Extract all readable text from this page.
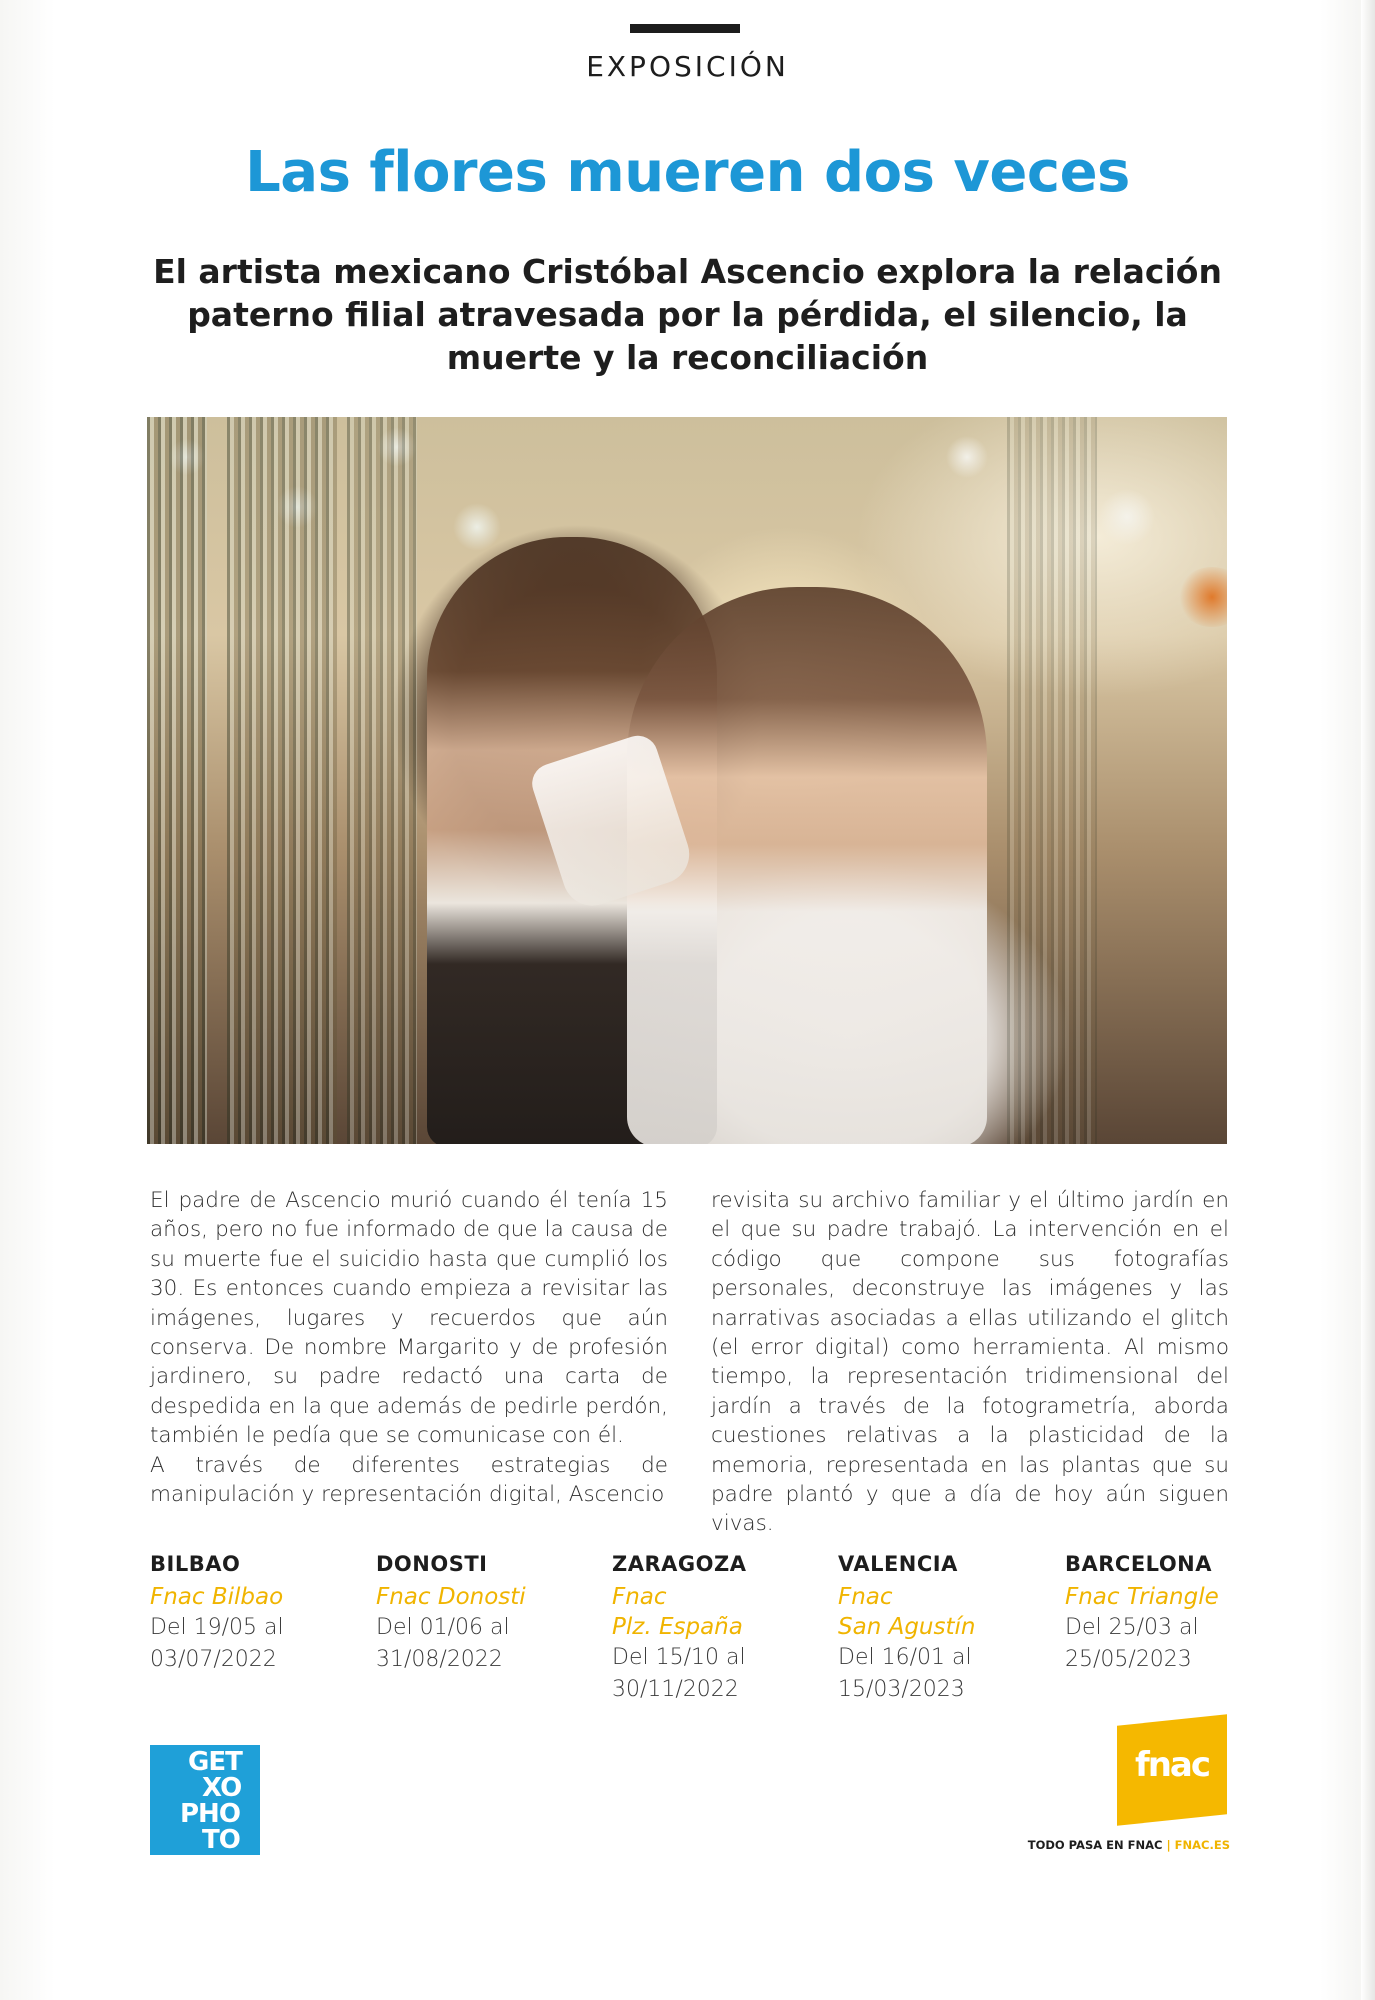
EXPOSICIÓN
Las flores mueren dos veces
El artista mexicano Cristóbal Ascencio explora la relación paterno filial atravesada por la pérdida, el silencio, la muerte y la reconciliación

El padre de Ascencio murió cuando él tenía 15 años, pero no fue informado de que la causa de su muerte fue el suicidio hasta que cumplió los 30. Es entonces cuando empieza a revisitar las imágenes, lugares y recuerdos que aún conserva. De nombre Margarito y de profesión jardinero, su padre redactó una carta de despedida en la que además de pedirle perdón, también le pedía que se comunicase con él.

A través de diferentes estrategias de manipulación y representación digital, Ascencio

revisita su archivo familiar y el último jardín en el que su padre trabajó. La intervención en el código que compone sus fotografías personales, deconstruye las imágenes y las narrativas asociadas a ellas utilizando el glitch (el error digital) como herramienta. Al mismo tiempo, la representación tridimensional del jardín a través de la fotogrametría, aborda cuestiones relativas a la plasticidad de la memoria, representada en las plantas que su padre plantó y que a día de hoy aún siguen vivas.

BILBAO
Fnac Bilbao
Del 19/05 al
03/07/2022
DONOSTI
Fnac Donosti
Del 01/06 al
31/08/2022
ZARAGOZA
Fnac
Plz. España
Del 15/10 al
30/11/2022
VALENCIA
Fnac
San Agustín
Del 16/01 al
15/03/2023
BARCELONA
Fnac Triangle
Del 25/03 al
25/05/2023
GET
XO
PHO
TO
fnac
TODO PASA EN FNAC | FNAC.ES
